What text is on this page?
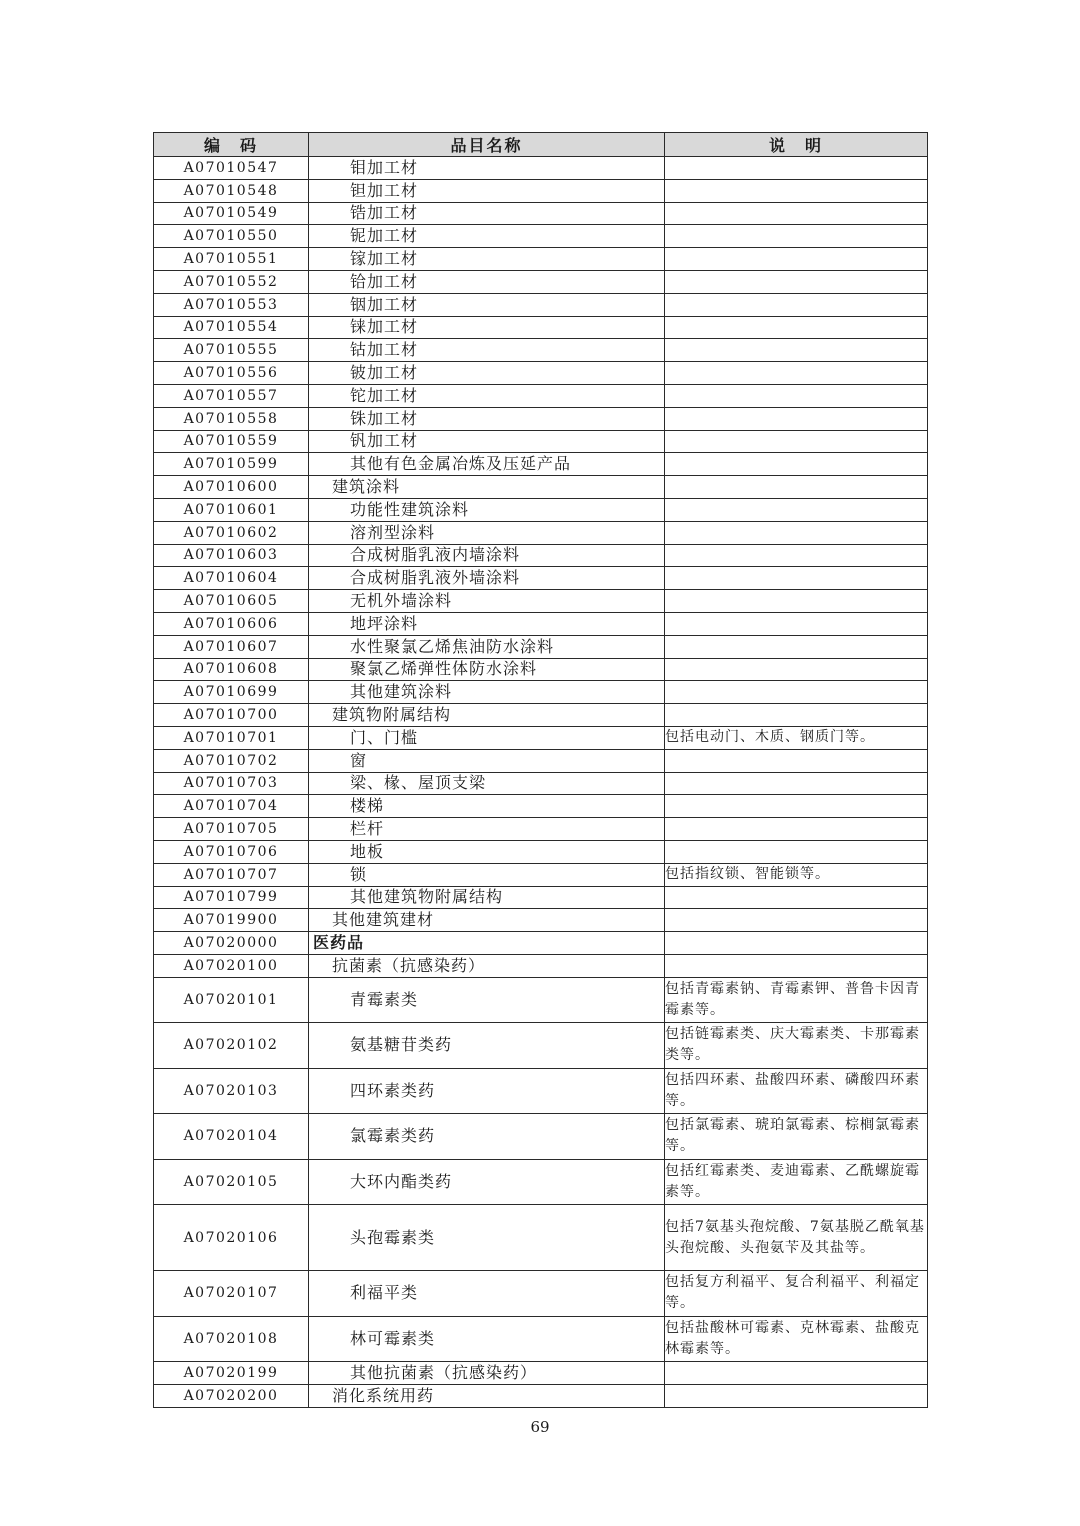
编　码	品目名称	说　明
A07010547	钼加工材	
A07010548	钽加工材	
A07010549	锆加工材	
A07010550	铌加工材	
A07010551	镓加工材	
A07010552	铪加工材	
A07010553	铟加工材	
A07010554	铼加工材	
A07010555	钴加工材	
A07010556	铍加工材	
A07010557	铊加工材	
A07010558	铢加工材	
A07010559	钒加工材	
A07010599	其他有色金属冶炼及压延产品	
A07010600	建筑涂料	
A07010601	功能性建筑涂料	
A07010602	溶剂型涂料	
A07010603	合成树脂乳液内墙涂料	
A07010604	合成树脂乳液外墙涂料	
A07010605	无机外墙涂料	
A07010606	地坪涂料	
A07010607	水性聚氯乙烯焦油防水涂料	
A07010608	聚氯乙烯弹性体防水涂料	
A07010699	其他建筑涂料	
A07010700	建筑物附属结构	
A07010701	门、门槛	包括电动门、木质、钢质门等。
A07010702	窗	
A07010703	梁、椽、屋顶支梁	
A07010704	楼梯	
A07010705	栏杆	
A07010706	地板	
A07010707	锁	包括指纹锁、智能锁等。
A07010799	其他建筑物附属结构	
A07019900	其他建筑建材	
A07020000	医药品	
A07020100	抗菌素（抗感染药）	
A07020101	青霉素类	包括青霉素钠、青霉素钾、普鲁卡因青霉素等。
A07020102	氨基糖苷类药	包括链霉素类、庆大霉素类、卡那霉素类等。
A07020103	四环素类药	包括四环素、盐酸四环素、磷酸四环素等。
A07020104	氯霉素类药	包括氯霉素、琥珀氯霉素、棕榈氯霉素等。
A07020105	大环内酯类药	包括红霉素类、麦迪霉素、乙酰螺旋霉素等。
A07020106	头孢霉素类	包括7氨基头孢烷酸、7氨基脱乙酰氧基头孢烷酸、头孢氨苄及其盐等。
A07020107	利福平类	包括复方利福平、复合利福平、利福定等。
A07020108	林可霉素类	包括盐酸林可霉素、克林霉素、盐酸克林霉素等。
A07020199	其他抗菌素（抗感染药）	
A07020200	消化系统用药	
69
